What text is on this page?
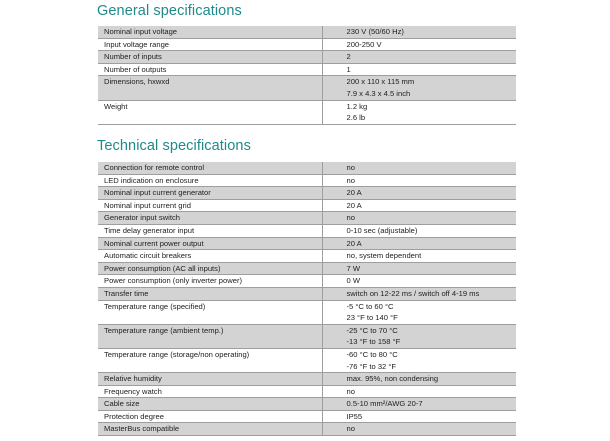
General specifications
Nominal input voltage	230 V (50/60 Hz)

Input voltage range	200-250 V

Number of inputs	2

Number of outputs	1

Dimensions, hxwxd	200 x 110 x 115 mm
7.9 x 4.3 x 4.5 inch

Weight	1.2 kg
2.6 lb
Technical specifications
Connection for remote control	no

LED indication on enclosure	no

Nominal input current generator	20 A

Nominal input current grid	20 A

Generator input switch	no

Time delay generator input	0-10 sec (adjustable)

Nominal current power output	20 A

Automatic circuit breakers	no, system dependent

Power consumption (AC all inputs)	7 W

Power consumption (only inverter power)	0 W

Transfer time	switch on 12-22 ms / switch off 4-19 ms

Temperature range (specified)	-5 °C to 60 °C
23 °F to 140 °F

Temperature range (ambient temp.)	-25 °C to 70 °C
-13 °F to 158 °F

Temperature range (storage/non operating)	-60 °C to 80 °C
-76 °F to 32 °F

Relative humidity	max. 95%, non condensing

Frequency watch	no

Cable size	0.5-10 mm²/AWG 20-7

Protection degree	IP55

MasterBus compatible	no
